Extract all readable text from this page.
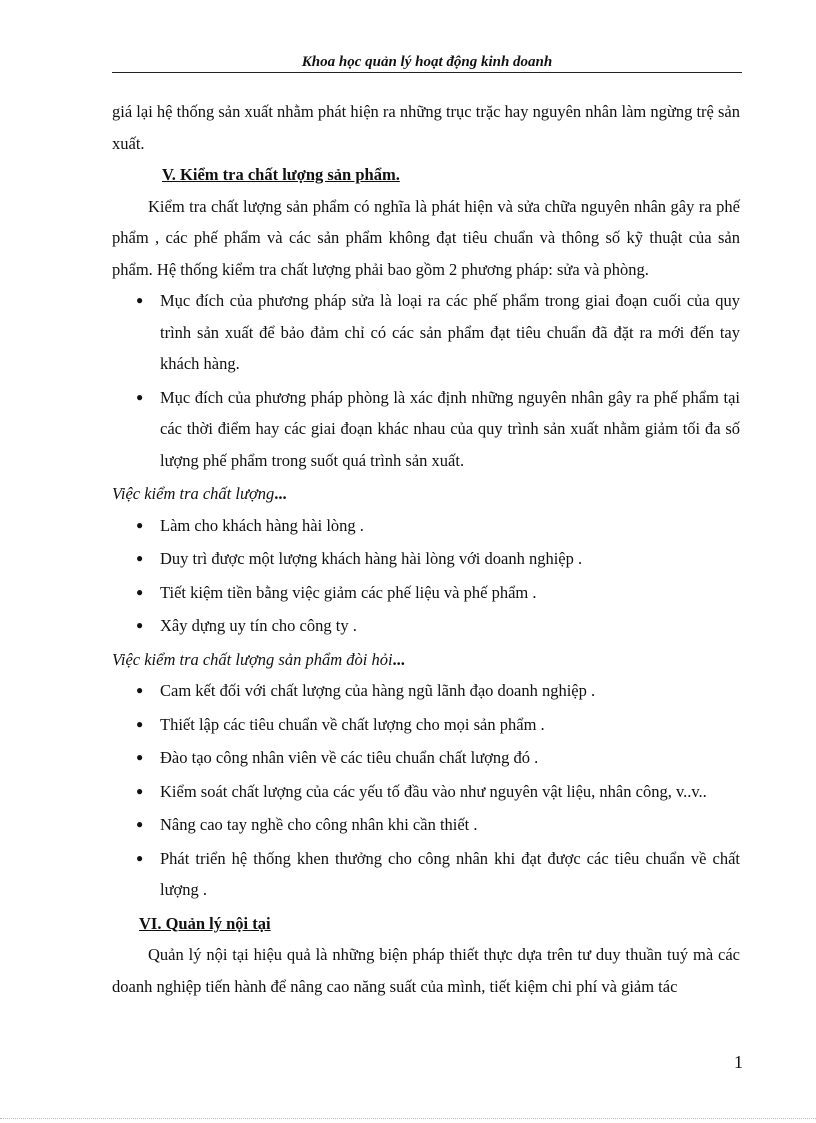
Khoa học quản lý hoạt động kinh doanh

giá lại hệ thống sản xuất nhằm phát hiện ra những trục trặc hay nguyên nhân làm ngừng trệ sản xuất.

V. Kiểm tra chất lượng sản phẩm.

Kiểm tra chất lượng sản phẩm có nghĩa là phát hiện và sửa chữa nguyên nhân gây ra phế phẩm , các phế phẩm và các sản phẩm không đạt tiêu chuẩn và thông số kỹ thuật của sản phẩm. Hệ thống kiểm tra chất lượng phải bao gồm 2 phương pháp: sửa và phòng.

● Mục đích của phương pháp sửa là loại ra các phế phẩm trong giai đoạn cuối của quy trình sản xuất để bảo đảm chỉ có các sản phẩm đạt tiêu chuẩn đã đặt ra mới đến tay khách hàng.
● Mục đích của phương pháp phòng là xác định những nguyên nhân gây ra phế phẩm tại các thời điểm hay các giai đoạn khác nhau của quy trình sản xuất nhằm giảm tối đa số lượng phế phẩm trong suốt quá trình sản xuất.

Việc kiểm tra chất lượng...

● Làm cho khách hàng hài lòng .
● Duy trì được một lượng khách hàng hài lòng với doanh nghiệp .
● Tiết kiệm tiền bằng việc giảm các phế liệu và phế phẩm .
● Xây dựng uy tín cho công ty .

Việc kiểm tra chất lượng sản phẩm đòi hỏi...

● Cam kết đối với chất lượng của hàng ngũ lãnh đạo doanh nghiệp .
● Thiết lập các tiêu chuẩn về chất lượng cho mọi sản phẩm .
● Đào tạo công nhân viên về các tiêu chuẩn chất lượng đó .
● Kiểm soát chất lượng của các yếu tố đầu vào như nguyên vật liệu, nhân công, v..v..
● Nâng cao tay nghề cho công nhân khi cần thiết .
● Phát triển hệ thống khen thưởng cho công nhân khi đạt được các tiêu chuẩn về chất lượng .

VI. Quản lý nội tại

Quản lý nội tại hiệu quả là những biện pháp thiết thực dựa trên tư duy thuần tuý mà các doanh nghiệp tiến hành để nâng cao năng suất của mình, tiết kiệm chi phí và giảm tác

1
